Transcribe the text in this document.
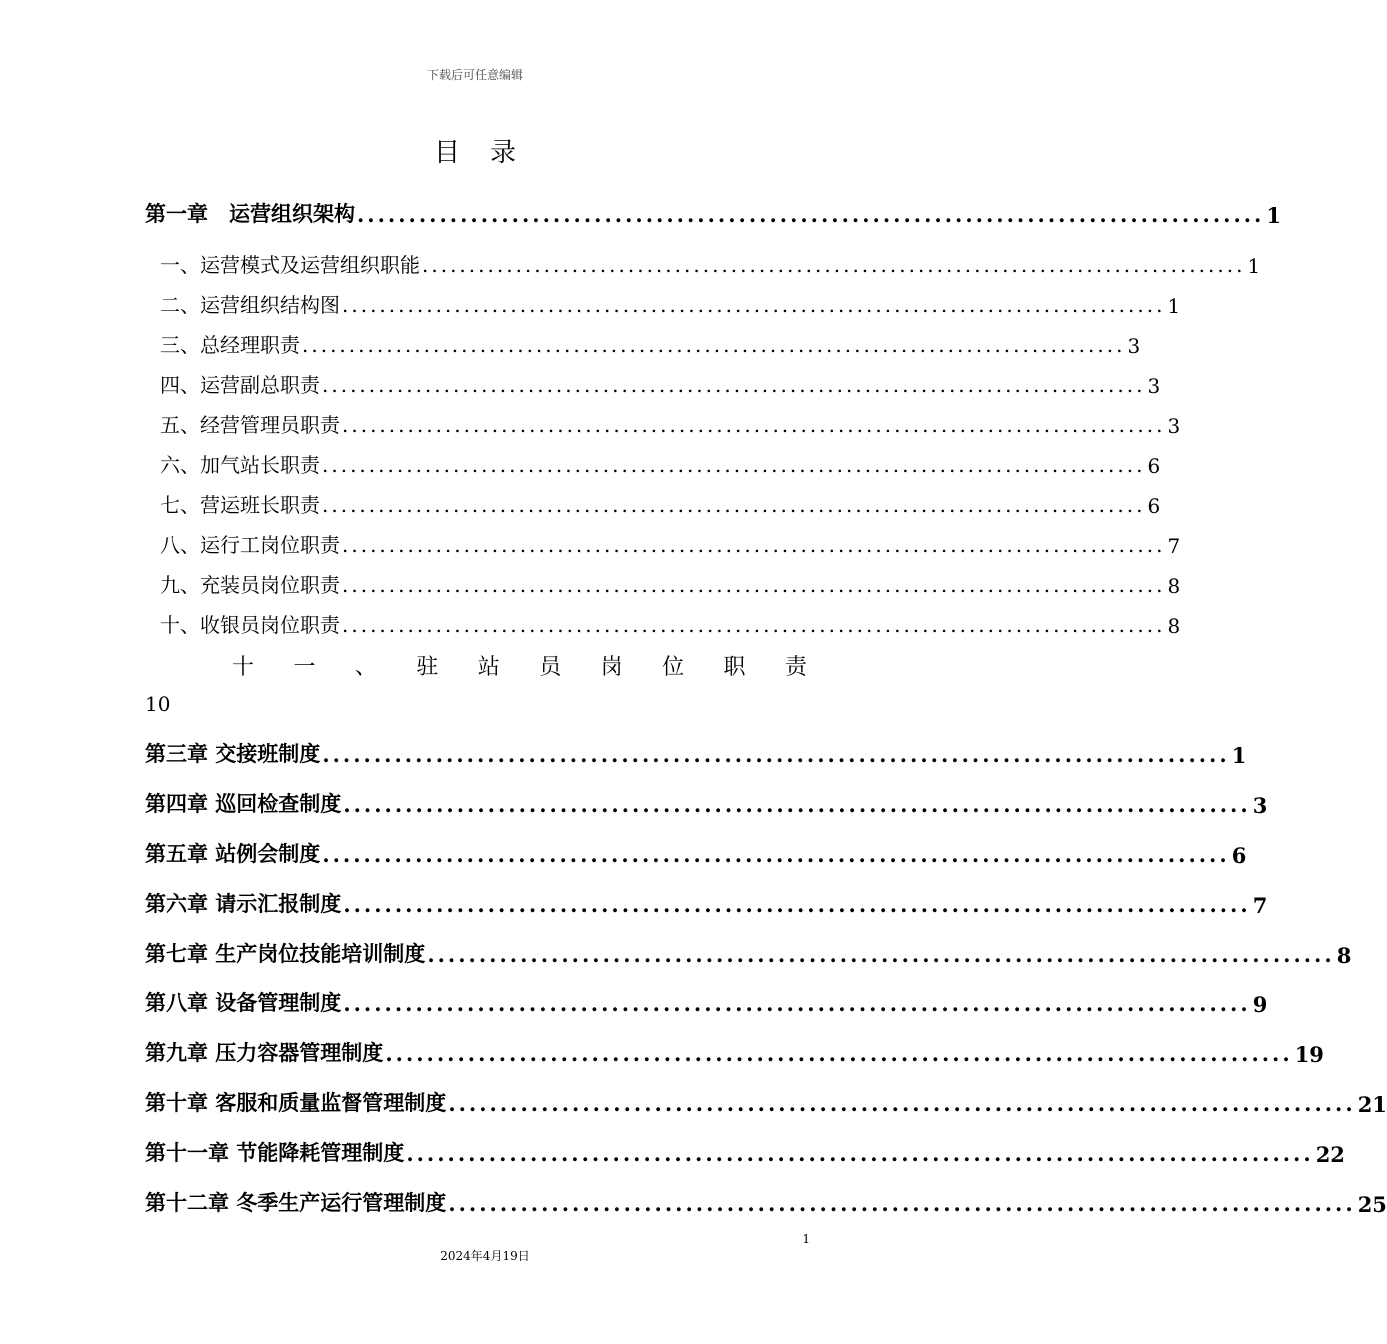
下载后可任意编辑
目录
第一章　运营组织架构 ........................................................................................ 1
一、运营模式及运营组织职能 ........................................................................................ 1
二、运营组织结构图 ........................................................................................ 1
三、总经理职责 ........................................................................................ 3
四、运营副总职责 ........................................................................................ 3
五、经营管理员职责 ........................................................................................ 3
六、加气站长职责 ........................................................................................ 6
七、营运班长职责 ........................................................................................ 6
八、运行工岗位职责 ........................................................................................ 7
九、充装员岗位职责 ........................................................................................ 8
十、收银员岗位职责 ........................................................................................ 8
十 一 、 驻 站 员 岗 位 职 责
10
第三章 交接班制度 ........................................................................................ 1
第四章 巡回检查制度 ........................................................................................ 3
第五章 站例会制度 ........................................................................................ 6
第六章 请示汇报制度 ........................................................................................ 7
第七章 生产岗位技能培训制度 ........................................................................................ 8
第八章 设备管理制度 ........................................................................................ 9
第九章 压力容器管理制度 ........................................................................................ 19
第十章 客服和质量监督管理制度 ........................................................................................ 21
第十一章 节能降耗管理制度 ........................................................................................ 22
第十二章 冬季生产运行管理制度 ........................................................................................ 25
1
2024年4月19日
